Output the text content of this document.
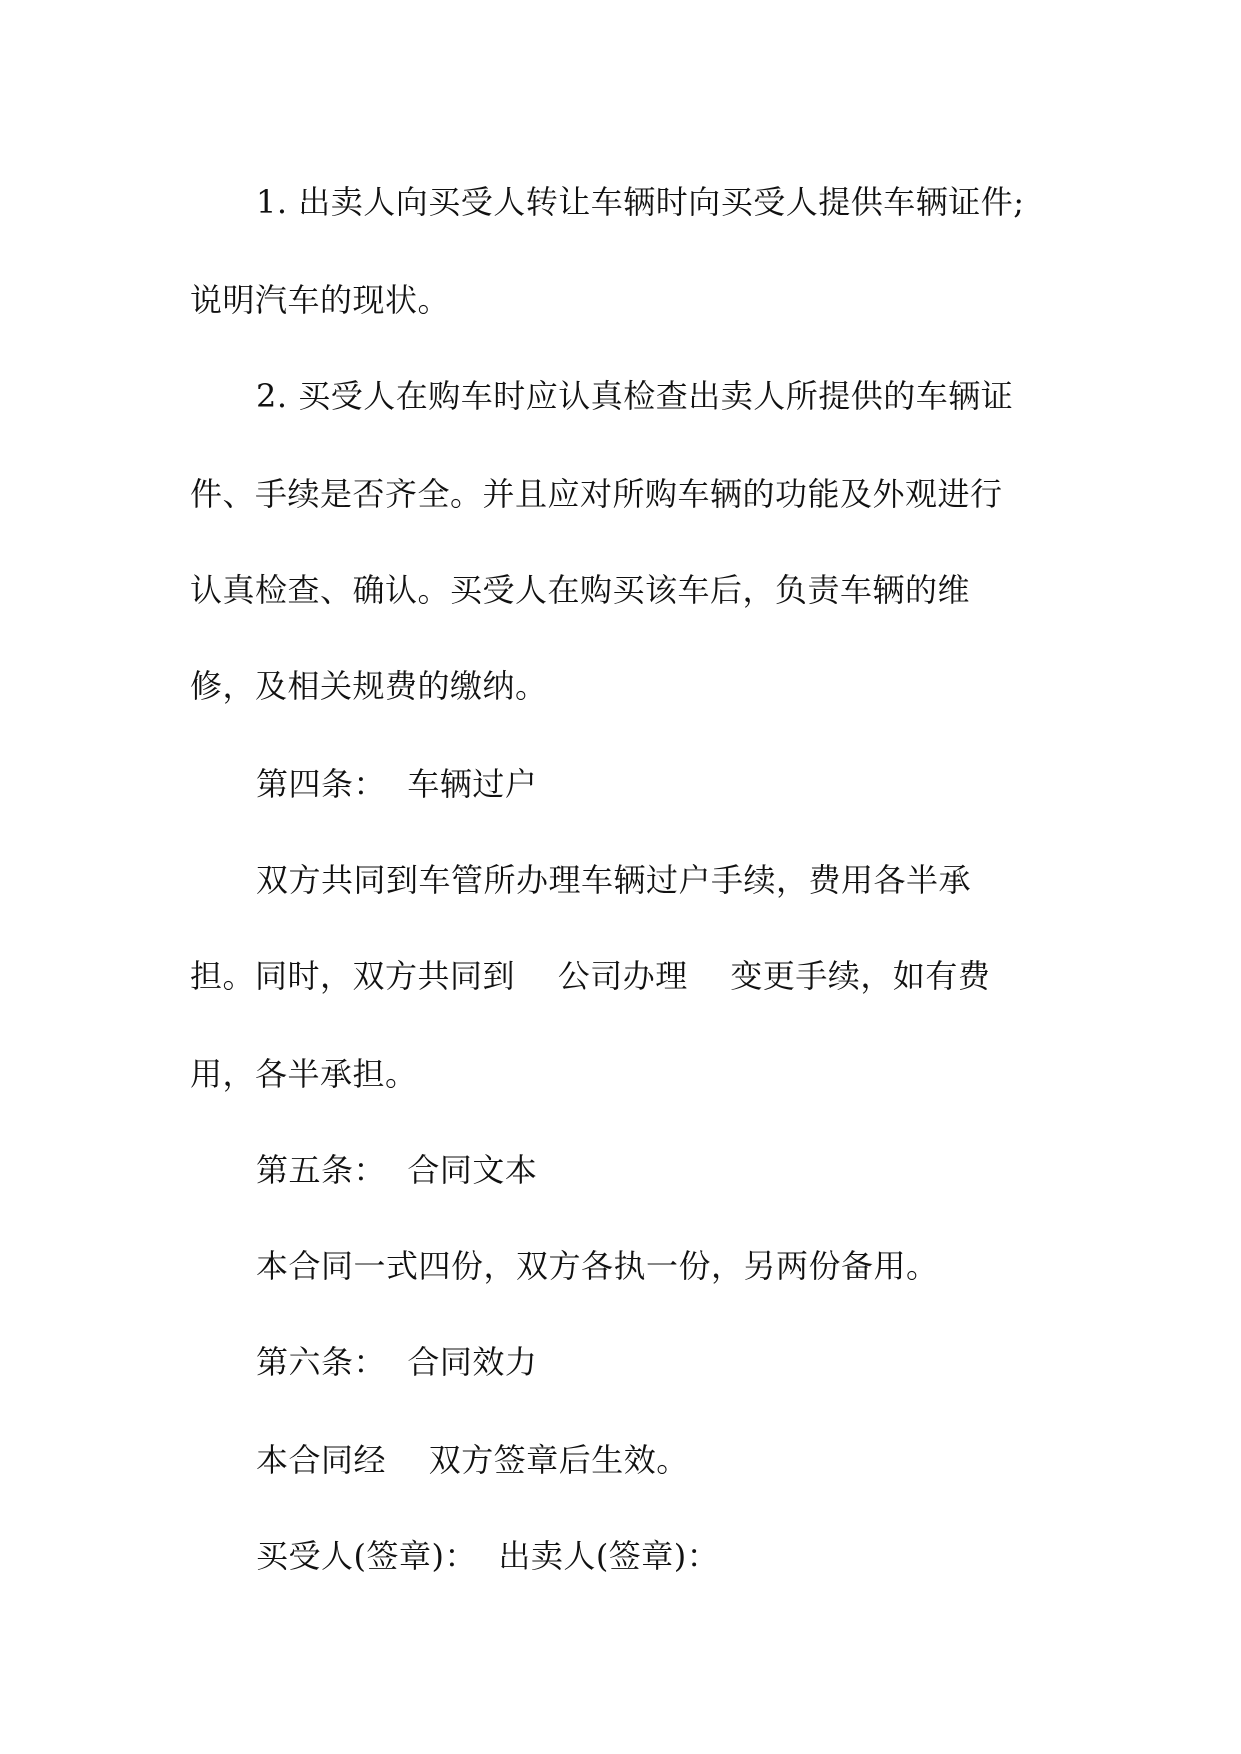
1. 出卖人向买受人转让车辆时向买受人提供车辆证件;
说明汽车的现状。
2. 买受人在购车时应认真检查出卖人所提供的车辆证
件、手续是否齐全。并且应对所购车辆的功能及外观进行
认真检查、确认。买受人在购买该车后，负责车辆的维
修，及相关规费的缴纳。
第四条：  车辆过户
双方共同到车管所办理车辆过户手续，费用各半承
担。同时，双方共同到    公司办理    变更手续，如有费
用，各半承担。
第五条：  合同文本
本合同一式四份，双方各执一份，另两份备用。
第六条：  合同效力
本合同经    双方签章后生效。
买受人(签章)：  出卖人(签章)：
